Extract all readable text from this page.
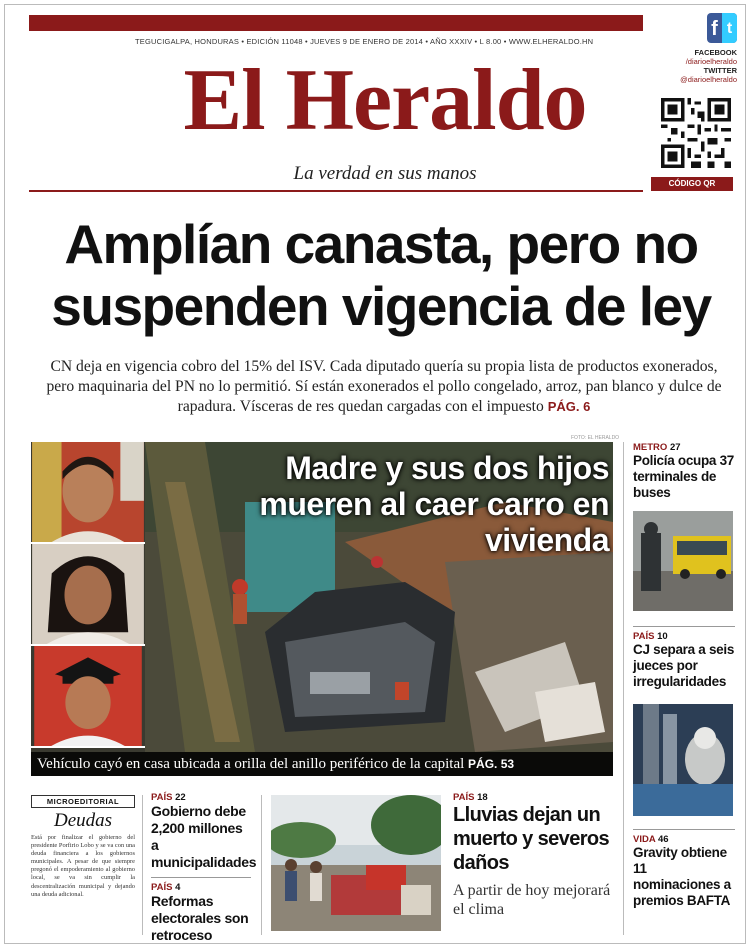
TEGUCIGALPA, HONDURAS • EDICIÓN 11048 • JUEVES 9 DE ENERO DE 2014 • AÑO XXXIV • L 8.00 • WWW.ELHERALDO.HN
El Heraldo
La verdad en sus manos
f t
FACEBOOK
/diarioelheraldo
TWITTER
@diarioelheraldo
CÓDIGO QR
Amplían canasta, pero no
suspenden vigencia de ley
CN deja en vigencia cobro del 15% del ISV. Cada diputado quería su propia lista de productos exonerados, pero maquinaria del PN no lo permitió. Sí están exonerados el pollo congelado, arroz, pan blanco y dulce de rapadura. Vísceras de res quedan cargadas con el impuesto PÁG. 6
FOTO: EL HERALDO
Madre y sus dos hijos mueren al caer carro en vivienda
Vehículo cayó en casa ubicada a orilla del anillo periférico de la capital PÁG. 53
METRO 27
Policía ocupa 37 terminales de buses
PAÍS 10
CJ separa a seis jueces por irregularidades
VIDA 46
Gravity obtiene 11 nominaciones a premios BAFTA
MICROEDITORIAL
Deudas
Está por finalizar el gobierno del presidente Porfirio Lobo y se va con una deuda financiera a los gobiernos municipales. A pesar de que siempre pregonó el empoderamiento al gobierno local, se va sin cumplir la descentralización municipal y dejando una deuda adicional.
PAÍS 22
Gobierno debe 2,200 millones a municipalidades
PAÍS 4
Reformas electorales son retroceso
PAÍS 18
Lluvias dejan un muerto y severos daños
A partir de hoy mejorará el clima
